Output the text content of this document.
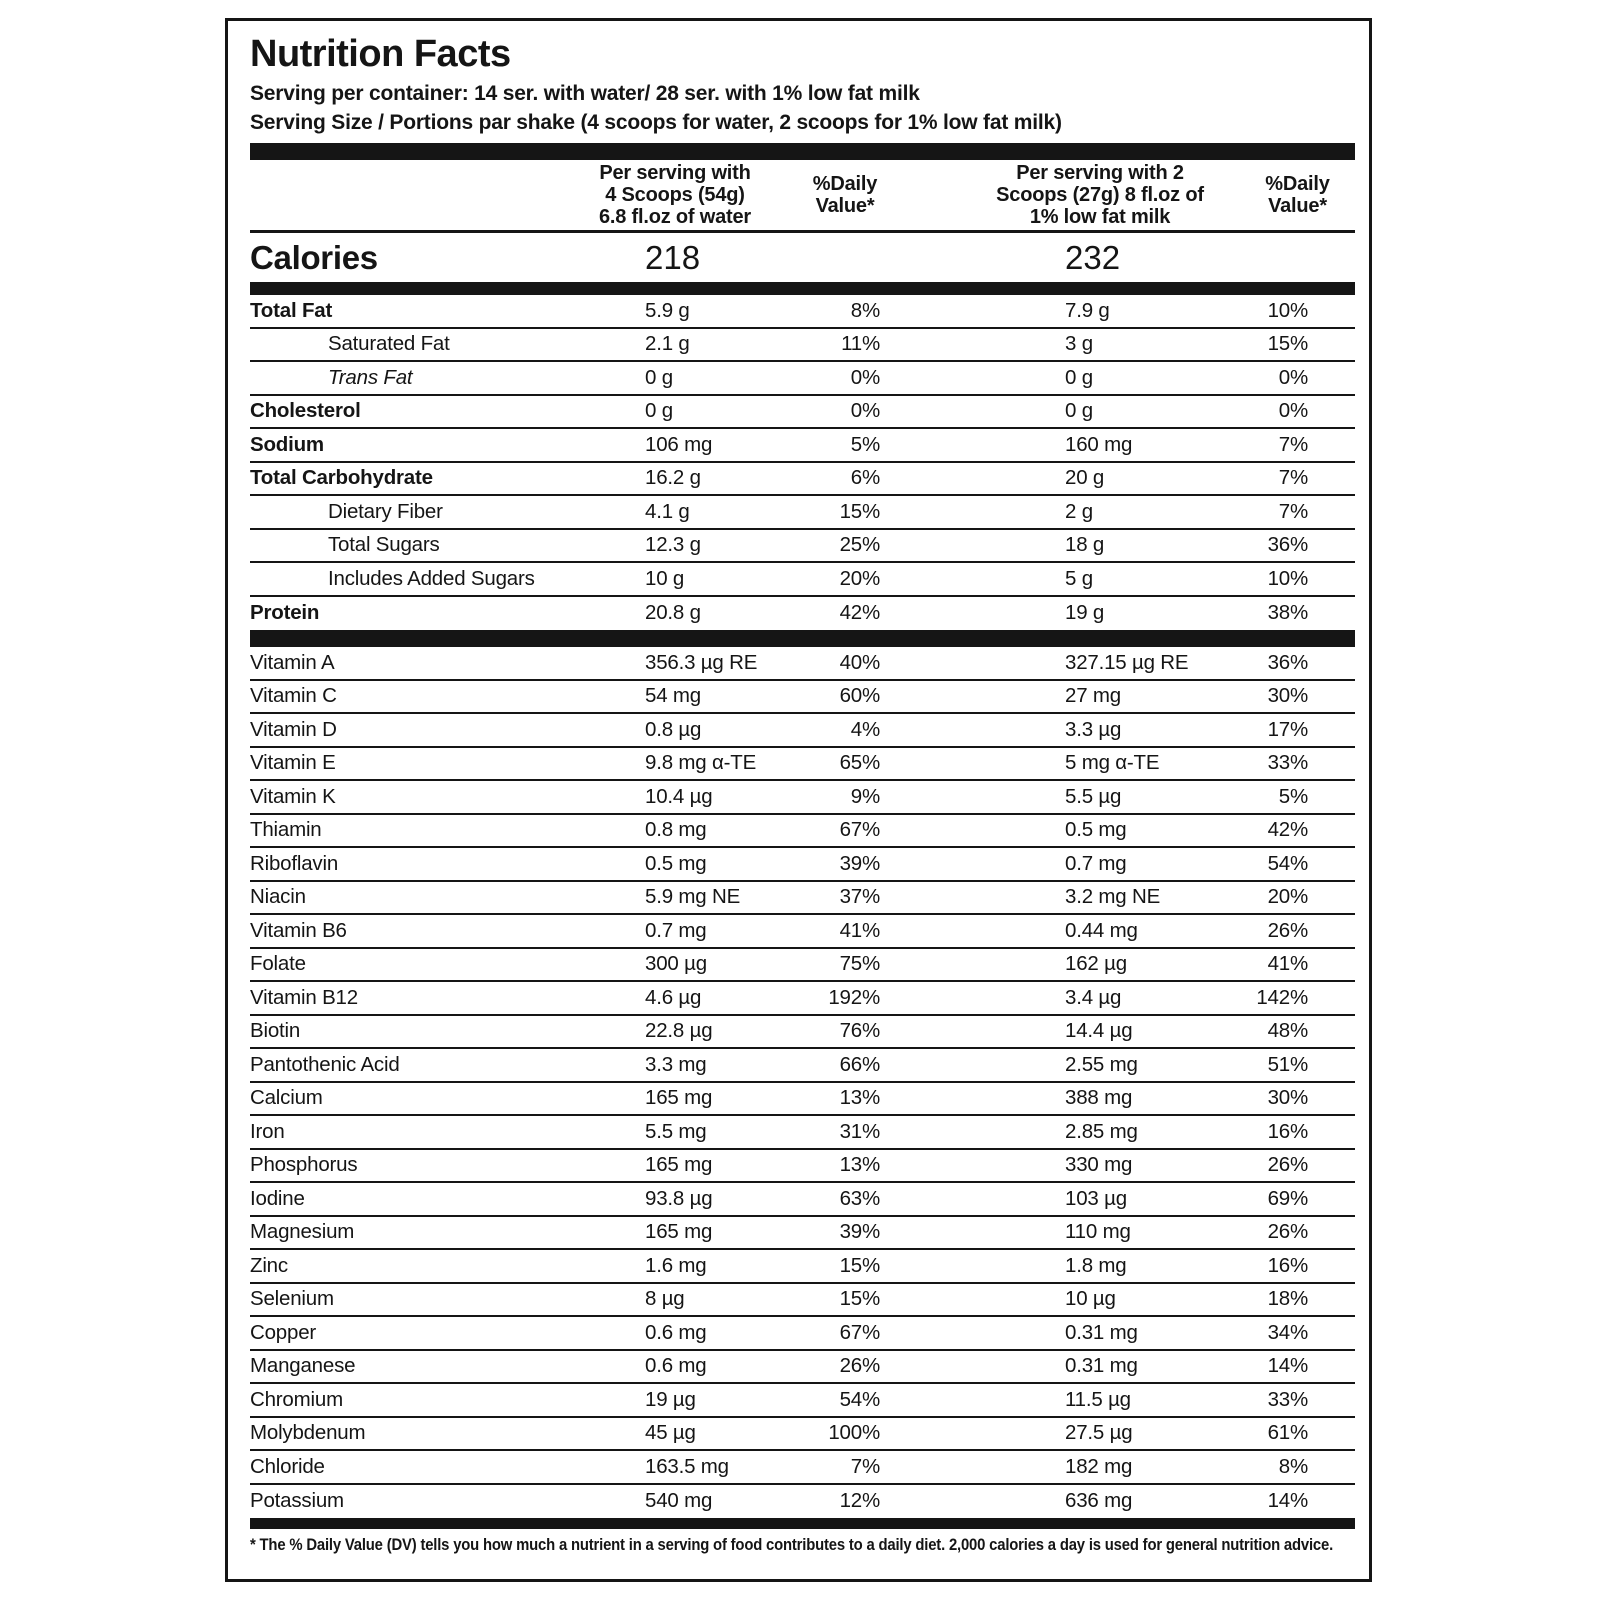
Nutrition Facts
Serving per container: 14 ser. with water/ 28 ser. with 1% low fat milk
Serving Size / Portions par shake (4 scoops for water, 2 scoops for 1% low fat milk)
Per serving with
4 Scoops (54g)
6.8 fl.oz of water
%Daily
Value*
Per serving with 2
Scoops (27g) 8 fl.oz of
1% low fat milk
%Daily
Value*
Calories	218	232
Total Fat	5.9 g	8%	7.9 g	10%
Saturated Fat	2.1 g	11%	3 g	15%
Trans Fat	0 g	0%	0 g	0%
Cholesterol	0 g	0%	0 g	0%
Sodium	106 mg	5%	160 mg	7%
Total Carbohydrate	16.2 g	6%	20 g	7%
Dietary Fiber	4.1 g	15%	2 g	7%
Total Sugars	12.3 g	25%	18 g	36%
Includes Added Sugars	10 g	20%	5 g	10%
Protein	20.8 g	42%	19 g	38%
Vitamin A	356.3 µg RE	40%	327.15 µg RE	36%
Vitamin C	54 mg	60%	27 mg	30%
Vitamin D	0.8 µg	4%	3.3 µg	17%
Vitamin E	9.8 mg α-TE	65%	5 mg α-TE	33%
Vitamin K	10.4 µg	9%	5.5 µg	5%
Thiamin	0.8 mg	67%	0.5 mg	42%
Riboflavin	0.5 mg	39%	0.7 mg	54%
Niacin	5.9 mg NE	37%	3.2 mg NE	20%
Vitamin B6	0.7 mg	41%	0.44 mg	26%
Folate	300 µg	75%	162 µg	41%
Vitamin B12	4.6 µg	192%	3.4 µg	142%
Biotin	22.8 µg	76%	14.4 µg	48%
Pantothenic Acid	3.3 mg	66%	2.55 mg	51%
Calcium	165 mg	13%	388 mg	30%
Iron	5.5 mg	31%	2.85 mg	16%
Phosphorus	165 mg	13%	330 mg	26%
Iodine	93.8 µg	63%	103 µg	69%
Magnesium	165 mg	39%	110 mg	26%
Zinc	1.6 mg	15%	1.8 mg	16%
Selenium	8 µg	15%	10 µg	18%
Copper	0.6 mg	67%	0.31 mg	34%
Manganese	0.6 mg	26%	0.31 mg	14%
Chromium	19 µg	54%	11.5 µg	33%
Molybdenum	45 µg	100%	27.5 µg	61%
Chloride	163.5 mg	7%	182 mg	8%
Potassium	540 mg	12%	636 mg	14%
* The % Daily Value (DV) tells you how much a nutrient in a serving of food contributes to a daily diet. 2,000 calories a day is used for general nutrition advice.
